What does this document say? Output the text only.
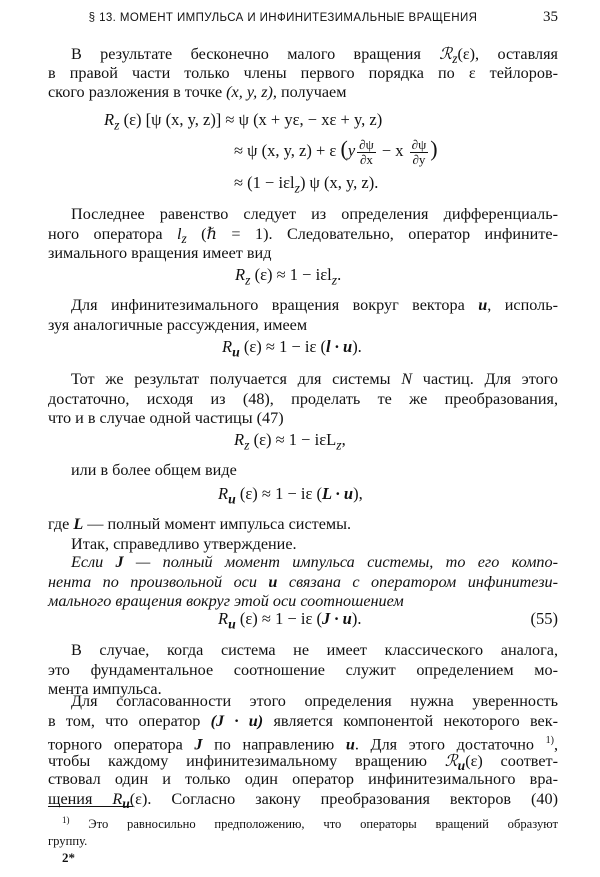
§ 13. МОМЕНТ ИМПУЛЬСА И ИНФИНИТЕЗИМАЛЬНЫЕ ВРАЩЕНИЯ	35
В результате бесконечно малого вращения ℛ$_z$(ε), оставляя
в правой части только члены первого порядка по ε тейлоров-
ского разложения в точке (x, y, z), получаем
$R_z$ (ε) [ψ (x, y, z)] ≈ ψ (x + yε, − xε + y, z)
≈ ψ (x, y, z) + ε ($y \frac{\partial\psi}{\partial x} - x \frac{\partial\psi}{\partial y}$ )
≈ (1 − iεl$_z$) ψ (x, y, z).
Последнее равенство следует из определения дифференциаль-
ного оператора $l_z$ (ℏ = 1). Следовательно, оператор инфините-
зимального вращения имеет вид
$R_z$ (ε) ≈ 1 − iεl$_z$.
Для инфинитезимального вращения вокруг вектора u, исполь-
зуя аналогичные рассуждения, имеем
$R_u$ (ε) ≈ 1 − iε (l · u).
Тот же результат получается для системы N частиц. Для этого
достаточно, исходя из (48), проделать те же преобразования,
что и в случае одной частицы (47)
$R_z$ (ε) ≈ 1 − iεL$_z$,
или в более общем виде
$R_u$ (ε) ≈ 1 − iε (L · u),
где L — полный момент импульса системы.
Итак, справедливо утверждение.
Если J — полный момент импульса системы, то его компо-
нента по произвольной оси u связана с оператором инфинитези-
мального вращения вокруг этой оси соотношением
$R_u$ (ε) ≈ 1 − iε (J · u).	(55)
В случае, когда система не имеет классического аналога,
это фундаментальное соотношение служит определением мо-
мента импульса.
Для согласованности этого определения нужна уверенность
в том, что оператор (J · u) является компонентой некоторого век-
торного оператора J по направлению u. Для этого достаточно $^{1)}$,
чтобы каждому инфинитезимальному вращению ℛ$_u$(ε) соответ-
ствовал один и только один оператор инфинитезимального вра-
щения $R_u(\varepsilon)$. Согласно закону преобразования векторов (40)
$^{1)}$ Это равносильно предположению, что операторы вращений образуют
группу.
2*
